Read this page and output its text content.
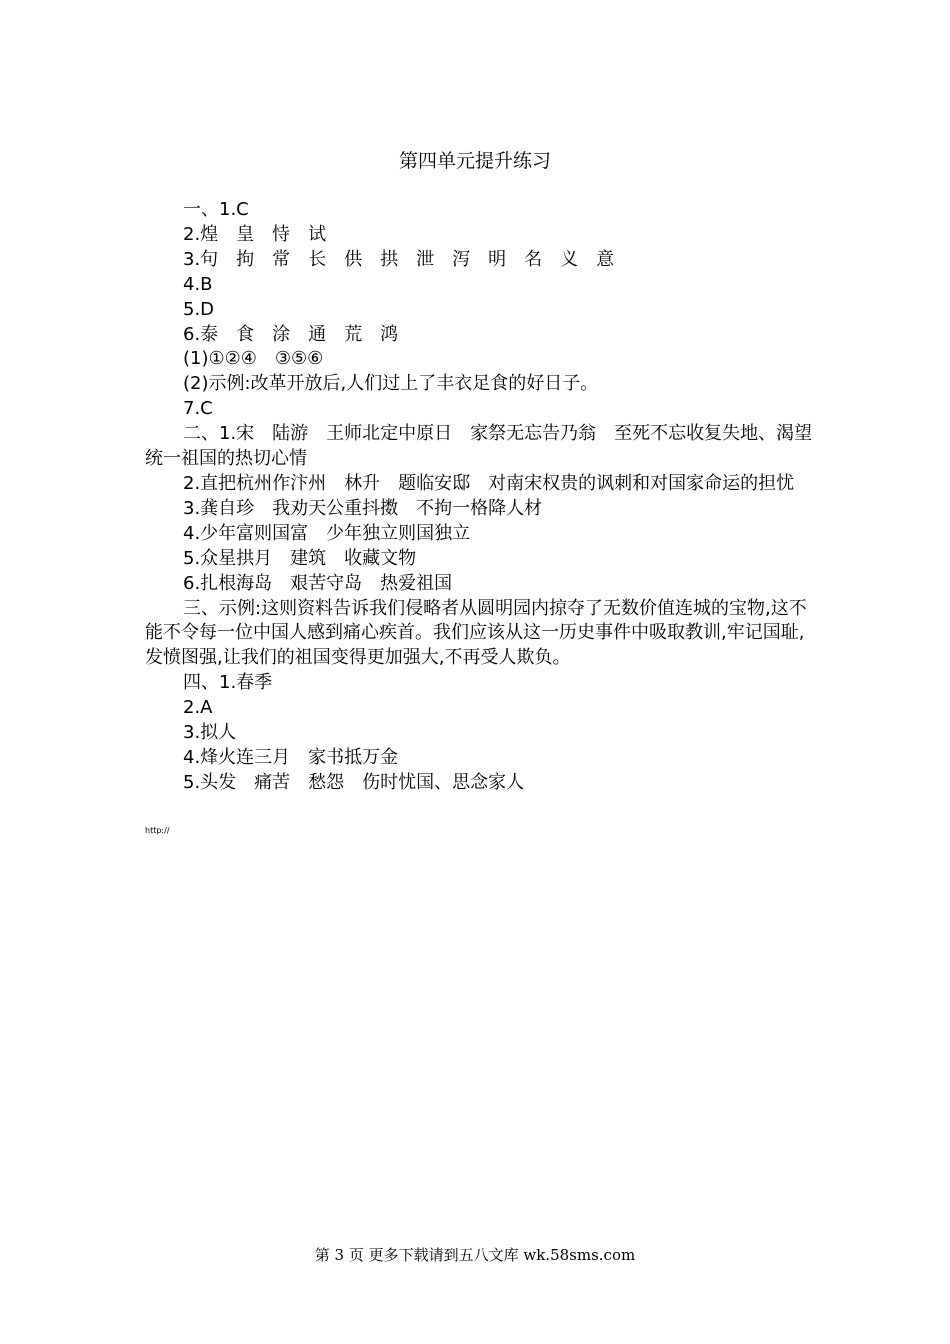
第四单元提升练习

一、1.C

2.煌　皇　恃　试

3.句　拘　常　长　供　拱　泄　泻　明　名　义　意

4.B

5.D

6.泰　食　涂　通　荒　鸿

(1)①②④　③⑤⑥

(2)示例:改革开放后,人们过上了丰衣足食的好日子。

7.C

二、1.宋　陆游　王师北定中原日　家祭无忘告乃翁　至死不忘收复失地、渴望统一祖国的热切心情

2.直把杭州作汴州　林升　题临安邸　对南宋权贵的讽刺和对国家命运的担忧

3.龚自珍　我劝天公重抖擞　不拘一格降人材

4.少年富则国富　少年独立则国独立

5.众星拱月　建筑　收藏文物

6.扎根海岛　艰苦守岛　热爱祖国

三、示例:这则资料告诉我们侵略者从圆明园内掠夺了无数价值连城的宝物,这不能不令每一位中国人感到痛心疾首。我们应该从这一历史事件中吸取教训,牢记国耻,发愤图强,让我们的祖国变得更加强大,不再受人欺负。

四、1.春季

2.A

3.拟人

4.烽火连三月　家书抵万金

5.头发　痛苦　愁怨　伤时忧国、思念家人

http://
第 3 页 更多下载请到五八文库 wk.58sms.com
